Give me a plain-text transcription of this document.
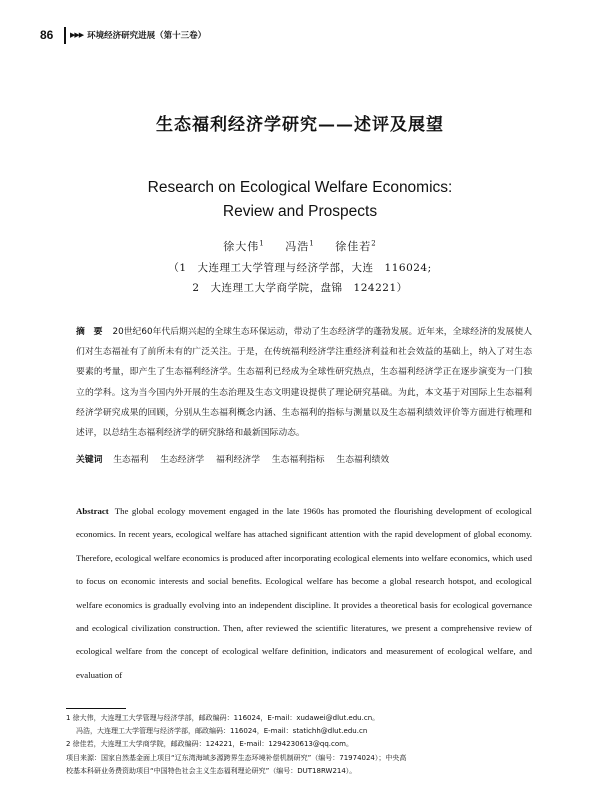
86	▶▶▶ 环境经济研究进展（第十三卷）
生态福利经济学研究——述评及展望
Research on Ecological Welfare Economics:
Review and Prospects
徐大伟$^1$ 冯浩$^1$ 徐佳若$^2$
（1　大连理工大学管理与经济学部，大连　116024;
2　大连理工大学商学院，盘锦　124221）
摘　要 20世纪60年代后期兴起的全球生态环保运动，带动了生态经济学的蓬勃发展。近年来，全球经济的发展使人们对生态福祉有了前所未有的广泛关注。于是，在传统福利经济学注重经济利益和社会效益的基础上，纳入了对生态要素的考量，即产生了生态福利经济学。生态福利已经成为全球性研究热点，生态福利经济学正在逐步演变为一门独立的学科。这为当今国内外开展的生态治理及生态文明建设提供了理论研究基础。为此，本文基于对国际上生态福利经济学研究成果的回顾，分别从生态福利概念内涵、生态福利的指标与测量以及生态福利绩效评价等方面进行梳理和述评，以总结生态福利经济学的研究脉络和最新国际动态。
关键词 生态福利 生态经济学 福利经济学 生态福利指标 生态福利绩效
Abstract The global ecology movement engaged in the late 1960s has promoted the flourishing development of ecological economics. In recent years, ecological welfare has attached significant attention with the rapid development of global economy. Therefore, ecological welfare economics is produced after incorporating ecological elements into welfare economics, which used to focus on economic interests and social benefits. Ecological welfare has become a global research hotspot, and ecological welfare economics is gradually evolving into an independent discipline. It provides a theoretical basis for ecological governance and ecological civilization construction. Then, after reviewed the scientific literatures, we present a comprehensive review of ecological welfare from the concept of ecological welfare definition, indicators and measurement of ecological welfare, and evaluation of
1 徐大伟，大连理工大学管理与经济学部，邮政编码：116024，E-mail：xudawei@dlut.edu.cn。
冯浩，大连理工大学管理与经济学部，邮政编码：116024，E-mail：statichh@dlut.edu.cn
2 徐佳若，大连理工大学商学院，邮政编码：124221，E-mail：1294230613@qq.com。
项目来源：国家自然基金面上项目“辽东湾海域多源跨界生态环境补偿机制研究”（编号：71974024）；中央高
校基本科研业务费资助项目“中国特色社会主义生态福利理论研究”（编号：DUT18RW214）。
